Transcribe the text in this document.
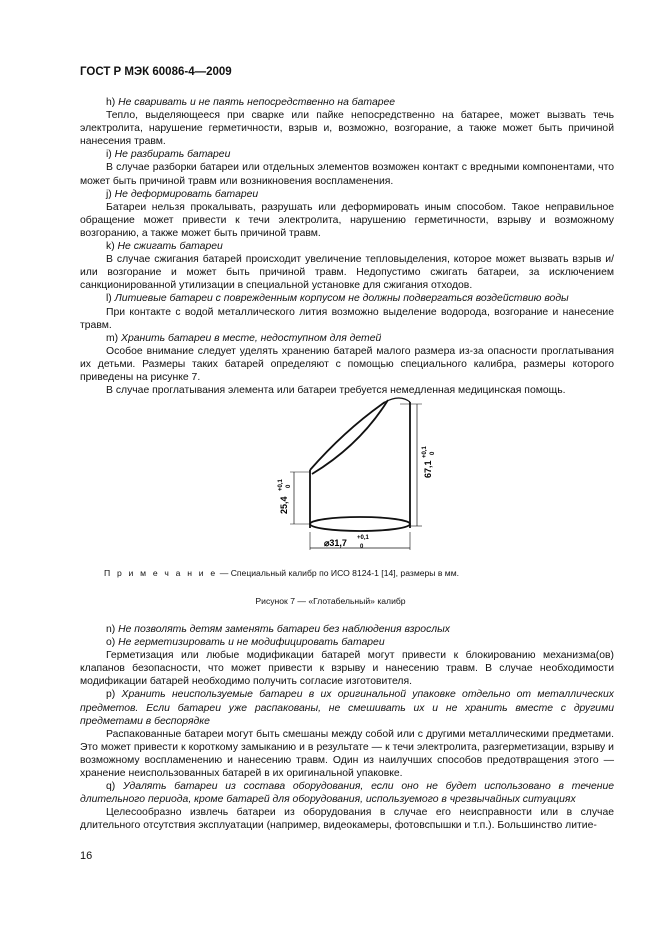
ГОСТ Р МЭК 60086-4—2009

h) Не сваривать и не паять непосредственно на батарее

Тепло, выделяющееся при сварке или пайке непосредственно на батарее, может вызвать течь электролита, нарушение герметичности, взрыв и, возможно, возгорание, а также может быть причиной нанесения травм.

i) Не разбирать батареи

В случае разборки батареи или отдельных элементов возможен контакт с вредными компонентами, что может быть причиной травм или возникновения воспламенения.

j) Не деформировать батареи

Батареи нельзя прокалывать, разрушать или деформировать иным способом. Такое неправильное обращение может привести к течи электролита, нарушению герметичности, взрыву и возможному возгоранию, а также может быть причиной травм.

k) Не сжигать батареи

В случае сжигания батарей происходит увеличение тепловыделения, которое может вызвать взрыв и/или возгорание и может быть причиной травм. Недопустимо сжигать батареи, за исключением санкционированной утилизации в специальной установке для сжигания отходов.

l) Литиевые батареи с поврежденным корпусом не должны подвергаться воздействию воды

При контакте с водой металлического лития возможно выделение водорода, возгорание и нанесение травм.

m) Хранить батареи в месте, недоступном для детей

Особое внимание следует уделять хранению батарей малого размера из-за опасности проглатывания их детьми. Размеры таких батарей определяют с помощью специального калибра, размеры которого приведены на рисунке 7.

В случае проглатывания элемента или батареи требуется немедленная медицинская помощь.

25,4
+0,1 0
67,1
+0,1 0
⌀31,7 +0,1
0
П р и м е ч а н и е — Специальный калибр по ИСО 8124-1 [14], размеры в мм.
Рисунок 7 — «Глотабельный» калибр

n) Не позволять детям заменять батареи без наблюдения взрослых

o) Не герметизировать и не модифицировать батареи

Герметизация или любые модификации батарей могут привести к блокированию механизма(ов) клапанов безопасности, что может привести к взрыву и нанесению травм. В случае необходимости модификации батарей необходимо получить согласие изготовителя.

p) Хранить неиспользуемые батареи в их оригинальной упаковке отдельно от металлических предметов. Если батареи уже распакованы, не смешивать их и не хранить вместе с другими предметами в беспорядке

Распакованные батареи могут быть смешаны между собой или с другими металлическими предметами. Это может привести к короткому замыканию и в результате — к течи электролита, разгерметизации, взрыву и возможному воспламенению и нанесению травм. Один из наилучших способов предотвращения этого — хранение неиспользованных батарей в их оригинальной упаковке.

q) Удалять батареи из состава оборудования, если оно не будет использовано в течение длительного периода, кроме батарей для оборудования, используемого в чрезвычайных ситуациях

Целесообразно извлечь батареи из оборудования в случае его неисправности или в случае длительного отсутствия эксплуатации (например, видеокамеры, фотовспышки и т.п.). Большинство литие-

16
